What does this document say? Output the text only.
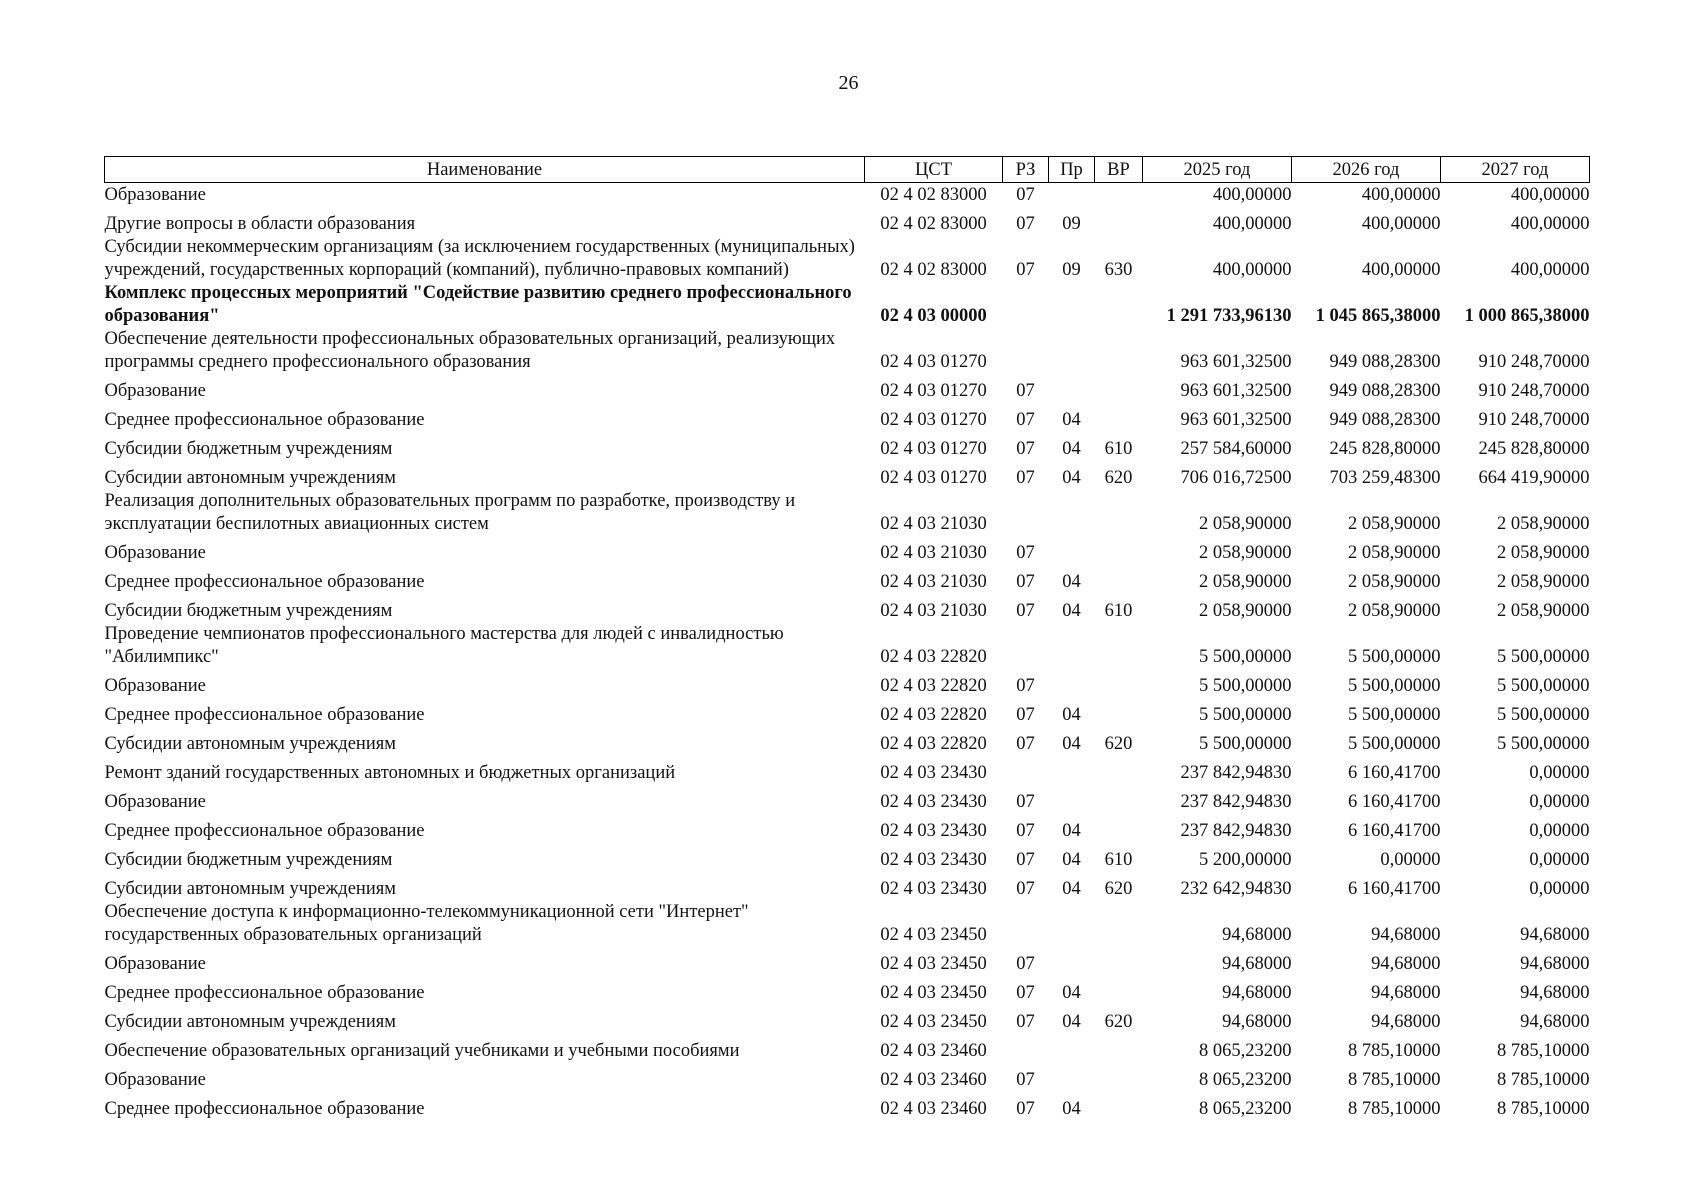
26
Наименование	ЦСТ	РЗ	Пр	ВР	2025 год	2026 год	2027 год
Образование	02 4 02 83000	07			400,00000	400,00000	400,00000
Другие вопросы в области образования	02 4 02 83000	07	09		400,00000	400,00000	400,00000
Субсидии некоммерческим организациям (за исключением государственных (муниципальных) учреждений, государственных корпораций (компаний), публично-правовых компаний)	02 4 02 83000	07	09	630	400,00000	400,00000	400,00000
Комплекс процессных мероприятий "Содействие развитию среднего профессионального образования"	02 4 03 00000				1 291 733,96130	1 045 865,38000	1 000 865,38000
Обеспечение деятельности профессиональных образовательных организаций, реализующих программы среднего профессионального образования	02 4 03 01270				963 601,32500	949 088,28300	910 248,70000
Образование	02 4 03 01270	07			963 601,32500	949 088,28300	910 248,70000
Среднее профессиональное образование	02 4 03 01270	07	04		963 601,32500	949 088,28300	910 248,70000
Субсидии бюджетным учреждениям	02 4 03 01270	07	04	610	257 584,60000	245 828,80000	245 828,80000
Субсидии автономным учреждениям	02 4 03 01270	07	04	620	706 016,72500	703 259,48300	664 419,90000
Реализация дополнительных образовательных программ по разработке, производству и эксплуатации беспилотных авиационных систем	02 4 03 21030				2 058,90000	2 058,90000	2 058,90000
Образование	02 4 03 21030	07			2 058,90000	2 058,90000	2 058,90000
Среднее профессиональное образование	02 4 03 21030	07	04		2 058,90000	2 058,90000	2 058,90000
Субсидии бюджетным учреждениям	02 4 03 21030	07	04	610	2 058,90000	2 058,90000	2 058,90000
Проведение чемпионатов профессионального мастерства для людей с инвалидностью "Абилимпикс"	02 4 03 22820				5 500,00000	5 500,00000	5 500,00000
Образование	02 4 03 22820	07			5 500,00000	5 500,00000	5 500,00000
Среднее профессиональное образование	02 4 03 22820	07	04		5 500,00000	5 500,00000	5 500,00000
Субсидии автономным учреждениям	02 4 03 22820	07	04	620	5 500,00000	5 500,00000	5 500,00000
Ремонт зданий государственных автономных и бюджетных организаций	02 4 03 23430				237 842,94830	6 160,41700	0,00000
Образование	02 4 03 23430	07			237 842,94830	6 160,41700	0,00000
Среднее профессиональное образование	02 4 03 23430	07	04		237 842,94830	6 160,41700	0,00000
Субсидии бюджетным учреждениям	02 4 03 23430	07	04	610	5 200,00000	0,00000	0,00000
Субсидии автономным учреждениям	02 4 03 23430	07	04	620	232 642,94830	6 160,41700	0,00000
Обеспечение доступа к информационно-телекоммуникационной сети "Интернет" государственных образовательных организаций	02 4 03 23450				94,68000	94,68000	94,68000
Образование	02 4 03 23450	07			94,68000	94,68000	94,68000
Среднее профессиональное образование	02 4 03 23450	07	04		94,68000	94,68000	94,68000
Субсидии автономным учреждениям	02 4 03 23450	07	04	620	94,68000	94,68000	94,68000
Обеспечение образовательных организаций учебниками и учебными пособиями	02 4 03 23460				8 065,23200	8 785,10000	8 785,10000
Образование	02 4 03 23460	07			8 065,23200	8 785,10000	8 785,10000
Среднее профессиональное образование	02 4 03 23460	07	04		8 065,23200	8 785,10000	8 785,10000
